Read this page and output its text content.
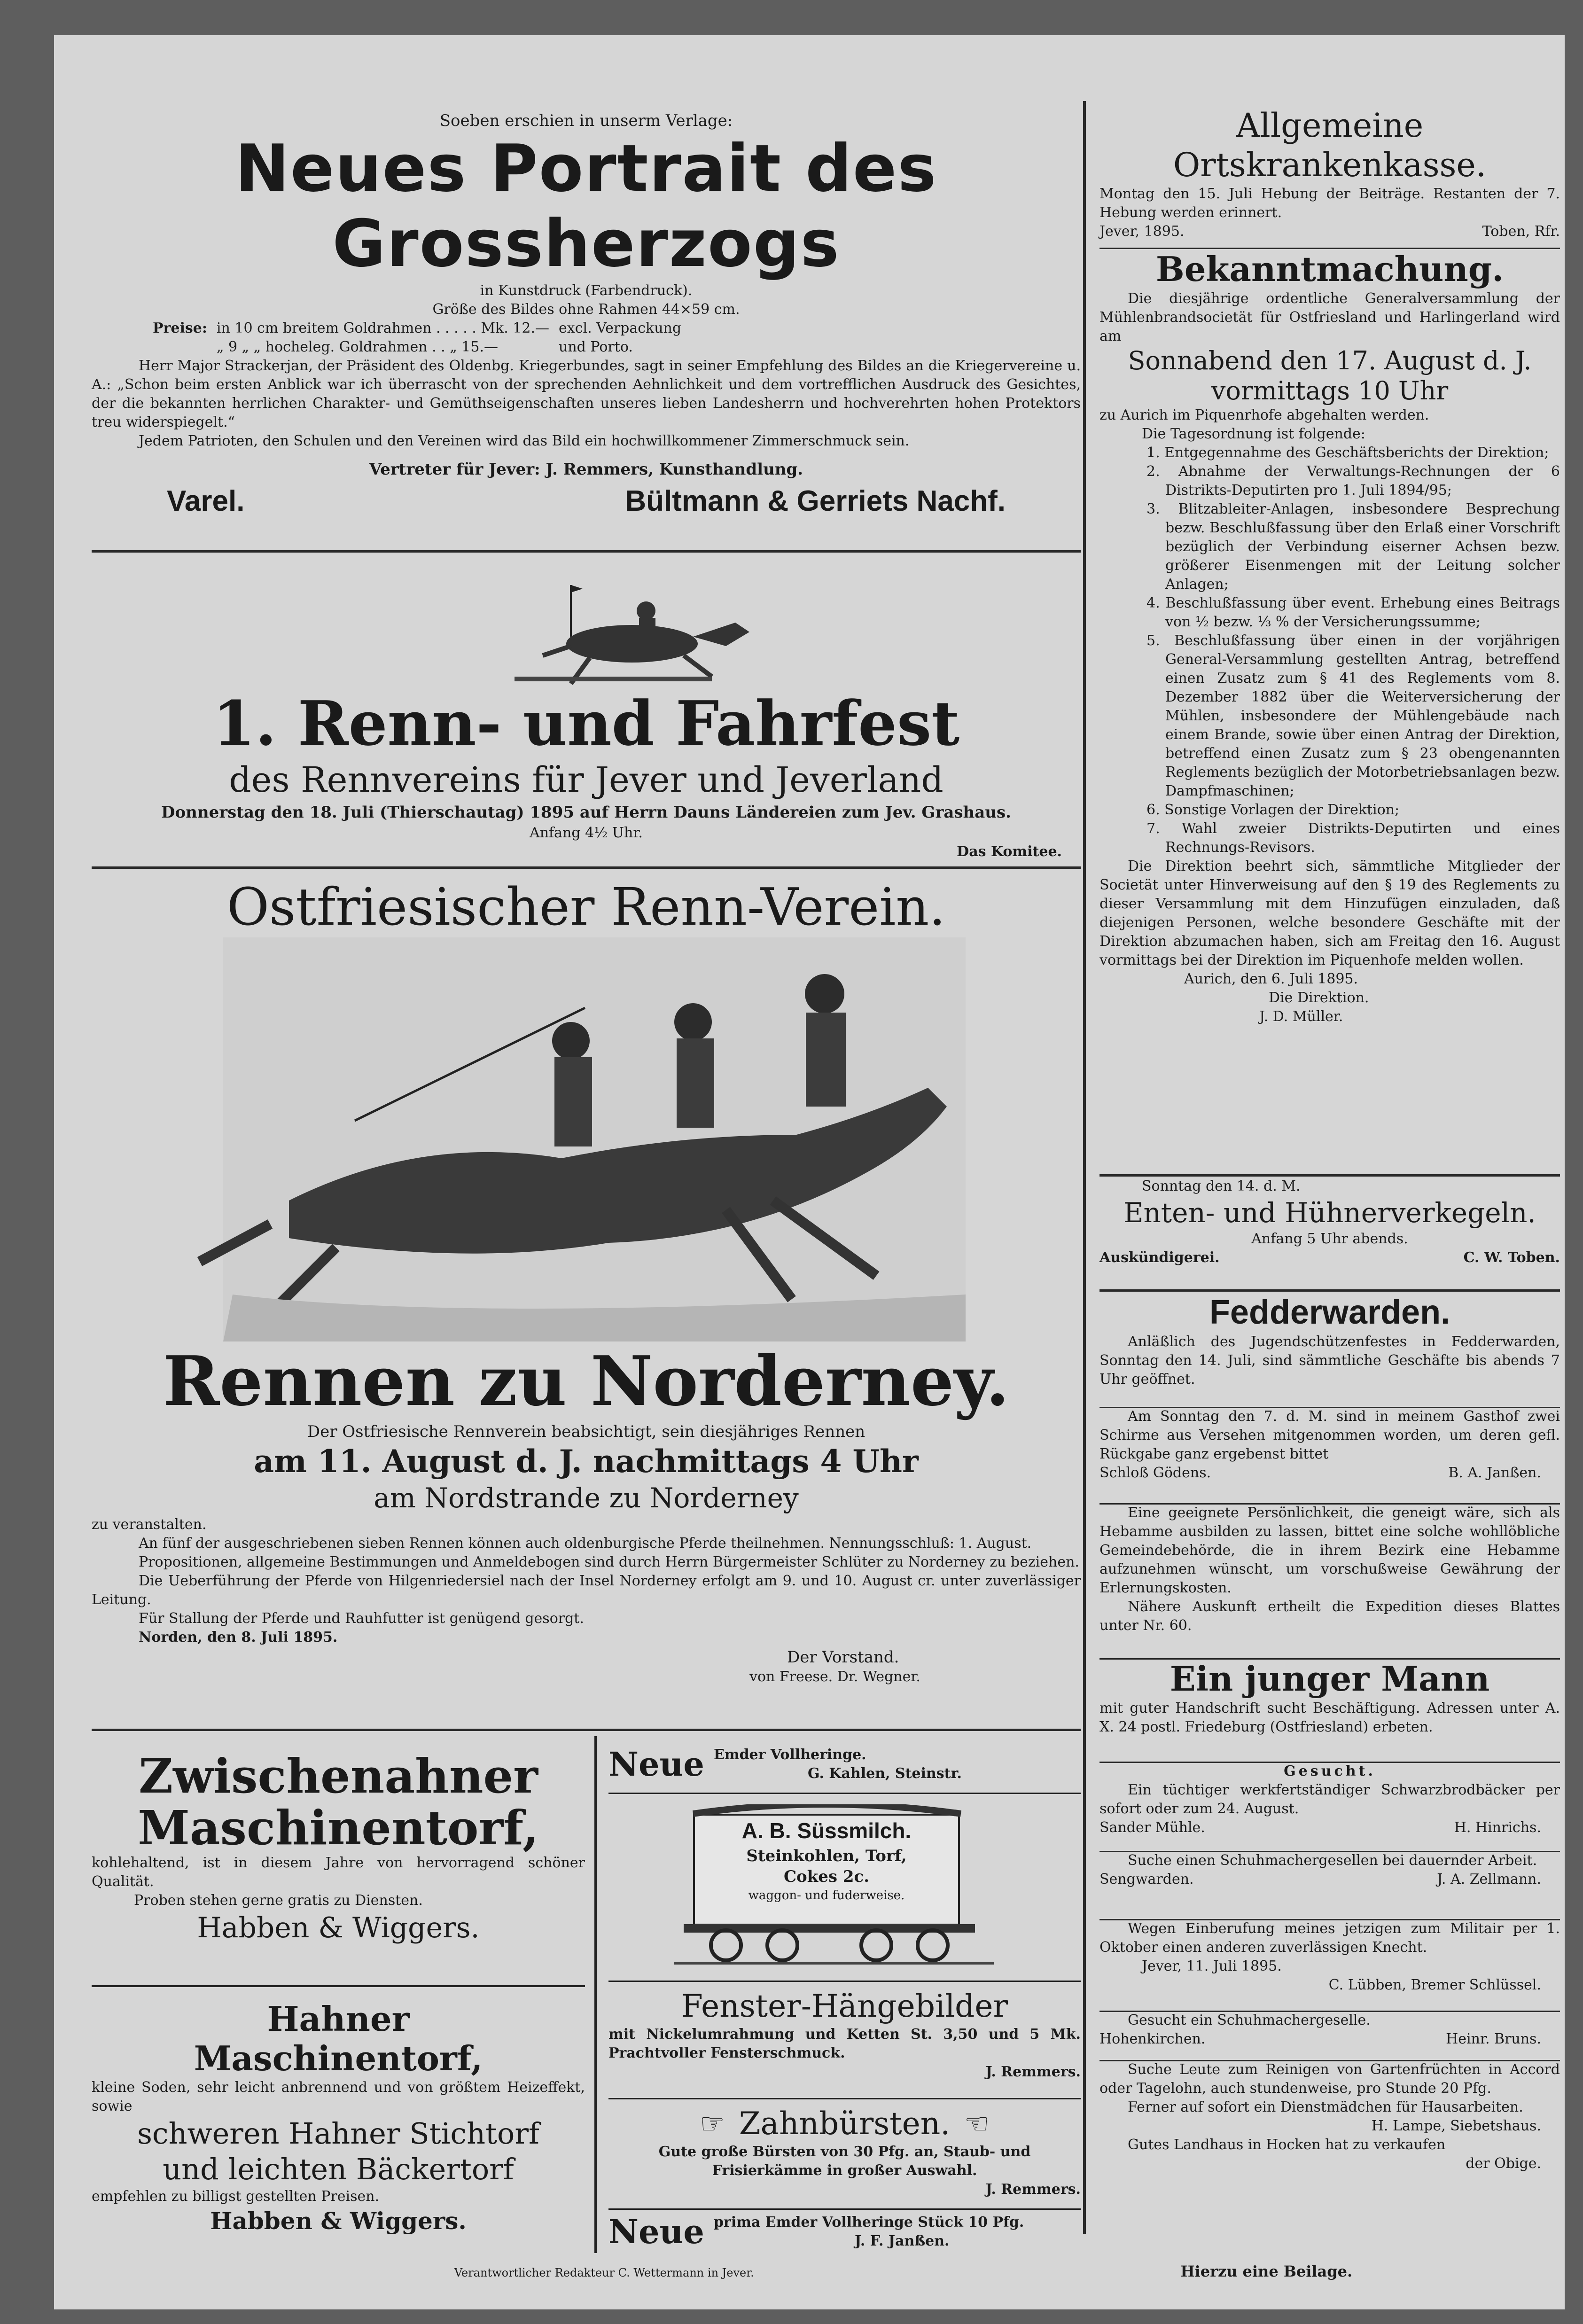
Soeben erschien in unserm Verlage:

Neues Portrait des Grossherzogs

in Kunstdruck (Farbendruck).

Größe des Bildes ohne Rahmen 44×59 cm.

Preise: in 10 cm breitem Goldrahmen . . . . . Mk. 12.—

„ 9 „ „ hocheleg. Goldrahmen . . „ 15.—

excl. Verpackung

und Porto.

Herr Major Strackerjan, der Präsident des Oldenbg. Kriegerbundes, sagt in seiner Empfehlung des Bildes an die Kriegervereine u. A.: „Schon beim ersten Anblick war ich überrascht von der sprechenden Aehnlichkeit und dem vortrefflichen Ausdruck des Gesichtes, der die bekannten herrlichen Charakter- und Gemüthseigenschaften unseres lieben Landesherrn und hochverehrten hohen Protektors treu widerspiegelt.“

Jedem Patrioten, den Schulen und den Vereinen wird das Bild ein hochwillkommener Zimmerschmuck sein.

Vertreter für Jever: J. Remmers, Kunsthandlung.

Varel.	Bültmann & Gerriets Nachf.

1. Renn- und Fahrfest

des Rennvereins für Jever und Jeverland

Donnerstag den 18. Juli (Thierschautag) 1895 auf Herrn Dauns Ländereien zum Jev. Grashaus.

Anfang 4½ Uhr.

Das Komitee.

Ostfriesischer Renn-Verein.

Rennen zu Norderney.

Der Ostfriesische Rennverein beabsichtigt, sein diesjähriges Rennen

am 11. August d. J. nachmittags 4 Uhr

am Nordstrande zu Norderney

zu veranstalten.

An fünf der ausgeschriebenen sieben Rennen können auch oldenburgische Pferde theilnehmen. Nennungsschluß: 1. August.

Propositionen, allgemeine Bestimmungen und Anmeldebogen sind durch Herrn Bürgermeister Schlüter zu Norderney zu beziehen.

Die Ueberführung der Pferde von Hilgenriedersiel nach der Insel Norderney erfolgt am 9. und 10. August cr. unter zuverlässiger Leitung.

Für Stallung der Pferde und Rauhfutter ist genügend gesorgt.

Norden, den 8. Juli 1895.

Der Vorstand.

von Freese. Dr. Wegner.

Zwischenahner

Maschinentorf,

kohlehaltend, ist in diesem Jahre von hervorragend schöner Qualität.

Proben stehen gerne gratis zu Diensten.

Habben & Wiggers.

Hahner

Maschinentorf,

kleine Soden, sehr leicht anbrennend und von größtem Heizeffekt, sowie

schweren Hahner Stichtorf

und leichten Bäckertorf

empfehlen zu billigst gestellten Preisen.

Habben & Wiggers.

Neue Emder Vollheringe.

G. Kahlen, Steinstr.

A. B. Süssmilch.

Steinkohlen, Torf,

Cokes 2c.

waggon- und fuderweise.

Fenster-Hängebilder

mit Nickelumrahmung und Ketten St. 3,50 und 5 Mk. Prachtvoller Fensterschmuck.

J. Remmers.

☞ Zahnbürsten. ☞

Gute große Bürsten von 30 Pfg. an, Staub- und Frisierkämme in großer Auswahl.

J. Remmers.

Neue prima Emder Vollheringe Stück 10 Pfg.

J. F. Janßen.

Allgemeine Ortskrankenkasse.

Montag den 15. Juli Hebung der Beiträge. Restanten der 7. Hebung werden erinnert.

Jever, 1895.	Toben, Rfr.

Bekanntmachung.

Die diesjährige ordentliche Generalversammlung der Mühlenbrandsocietät für Ostfriesland und Harlingerland wird am

Sonnabend den 17. August d. J.

vormittags 10 Uhr

zu Aurich im Piquenrhofe abgehalten werden.

Die Tagesordnung ist folgende:

1. Entgegennahme des Geschäftsberichts der Direktion;

2. Abnahme der Verwaltungs-Rechnungen der 6 Distrikts-Deputirten pro 1. Juli 1894/95;

3. Blitzableiter-Anlagen, insbesondere Besprechung bezw. Beschlußfassung über den Erlaß einer Vorschrift bezüglich der Verbindung eiserner Achsen bezw. größerer Eisenmengen mit der Leitung solcher Anlagen;

4. Beschlußfassung über event. Erhebung eines Beitrags von ½ bezw. ⅓ % der Versicherungssumme;

5. Beschlußfassung über einen in der vorjährigen General-Versammlung gestellten Antrag, betreffend einen Zusatz zum § 41 des Reglements vom 8. Dezember 1882 über die Weiterversicherung der Mühlen, insbesondere der Mühlengebäude nach einem Brande, sowie über einen Antrag der Direktion, betreffend einen Zusatz zum § 23 obengenannten Reglements bezüglich der Motorbetriebsanlagen bezw. Dampfmaschinen;

6. Sonstige Vorlagen der Direktion;

7. Wahl zweier Distrikts-Deputirten und eines Rechnungs-Revisors.

Die Direktion beehrt sich, sämmtliche Mitglieder der Societät unter Hinverweisung auf den § 19 des Reglements zu dieser Versammlung mit dem Hinzufügen einzuladen, daß diejenigen Personen, welche besondere Geschäfte mit der Direktion abzumachen haben, sich am Freitag den 16. August vormittags bei der Direktion im Piquenhofe melden wollen.

Aurich, den 6. Juli 1895.

Die Direktion.

J. D. Müller.

Sonntag den 14. d. M.

Enten- und Hühnerverkegeln.

Anfang 5 Uhr abends.

Auskündigerei.	C. W. Toben.

Fedderwarden.

Anläßlich des Jugendschützenfestes in Fedderwarden, Sonntag den 14. Juli, sind sämmtliche Geschäfte bis abends 7 Uhr geöffnet.

Am Sonntag den 7. d. M. sind in meinem Gasthof zwei Schirme aus Versehen mitgenommen worden, um deren gefl. Rückgabe ganz ergebenst bittet

Schloß Gödens.	B. A. Janßen.

Eine geeignete Persönlichkeit, die geneigt wäre, sich als Hebamme ausbilden zu lassen, bittet eine solche wohllöbliche Gemeindebehörde, die in ihrem Bezirk eine Hebamme aufzunehmen wünscht, um vorschußweise Gewährung der Erlernungskosten.

Nähere Auskunft ertheilt die Expedition dieses Blattes unter Nr. 60.

Ein junger Mann

mit guter Handschrift sucht Beschäftigung. Adressen unter A. X. 24 postl. Friedeburg (Ostfriesland) erbeten.

Gesucht.

Ein tüchtiger werkfertständiger Schwarzbrodbäcker per sofort oder zum 24. August.

Sander Mühle.	H. Hinrichs.

Suche einen Schuhmachergesellen bei dauernder Arbeit.

Sengwarden.	J. A. Zellmann.

Wegen Einberufung meines jetzigen zum Militair per 1. Oktober einen anderen zuverlässigen Knecht.

Jever, 11. Juli 1895.

C. Lübben, Bremer Schlüssel.

Gesucht ein Schuhmachergeselle.

Hohenkirchen.	Heinr. Bruns.

Suche Leute zum Reinigen von Gartenfrüchten in Accord oder Tagelohn, auch stundenweise, pro Stunde 20 Pfg.

Ferner auf sofort ein Dienstmädchen für Hausarbeiten.

H. Lampe, Siebetshaus.

Gutes Landhaus in Hocken hat zu verkaufen

der Obige.

Verantwortlicher Redakteur C. Wettermann in Jever.	Hierzu eine Beilage.
